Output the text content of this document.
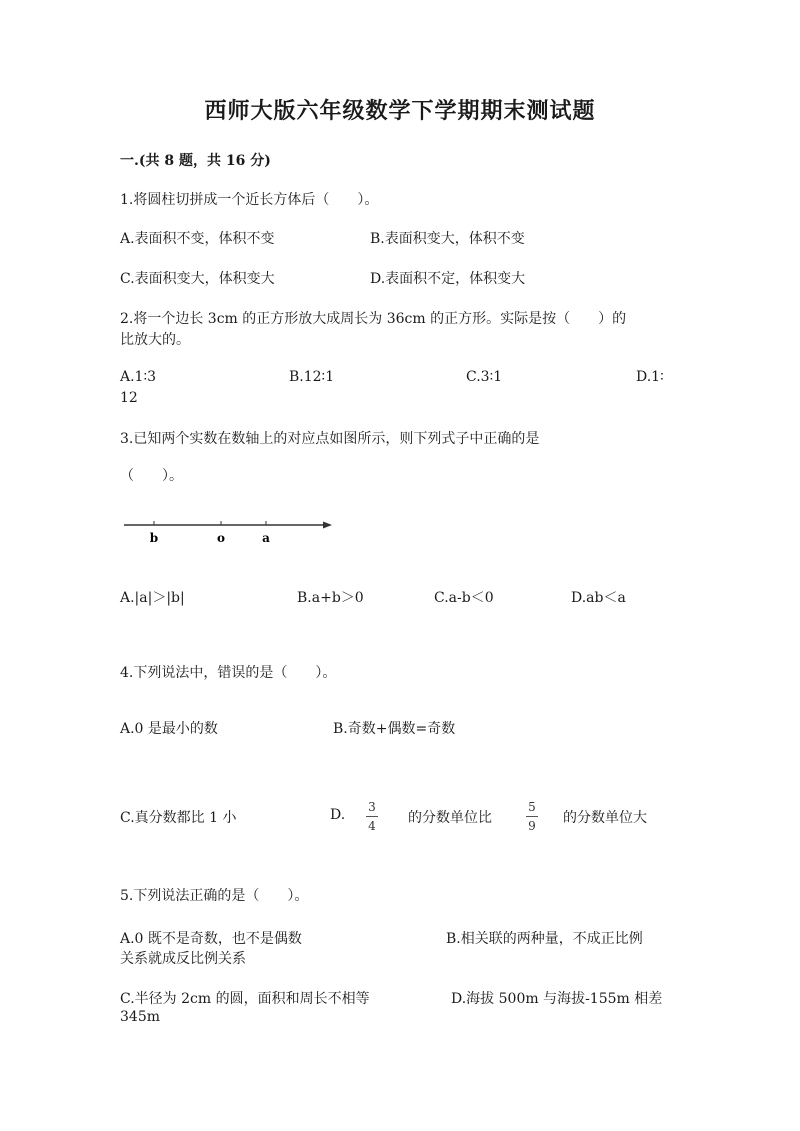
西师大版六年级数学下学期期末测试题
一.(共 8 题，共 16 分)
1.将圆柱切拼成一个近长方体后（　　）。
A.表面积不变，体积不变	B.表面积变大，体积不变
C.表面积变大，体积变大	D.表面积不定，体积变大
2.将一个边长 3cm 的正方形放大成周长为 36cm 的正方形。实际是按（　　）的
比放大的。
A.1∶3	B.12∶1	C.3∶1	D.1∶
12
3.已知两个实数在数轴上的对应点如图所示，则下列式子中正确的是
（　　）。
b	o	a
A.|a|＞|b|	B.a+b＞0	C.a-b＜0	D.ab＜a
4.下列说法中，错误的是（　　）。
A.0 是最小的数	B.奇数+偶数=奇数
C.真分数都比 1 小	D. 3
4 的分数单位比
5
9 的分数单位大
5.下列说法正确的是（　　）。
A.0 既不是奇数，也不是偶数	B.相关联的两种量，不成正比例
关系就成反比例关系
C.半径为 2cm 的圆，面积和周长不相等	D.海拔 500m 与海拔-155m 相差
345m
